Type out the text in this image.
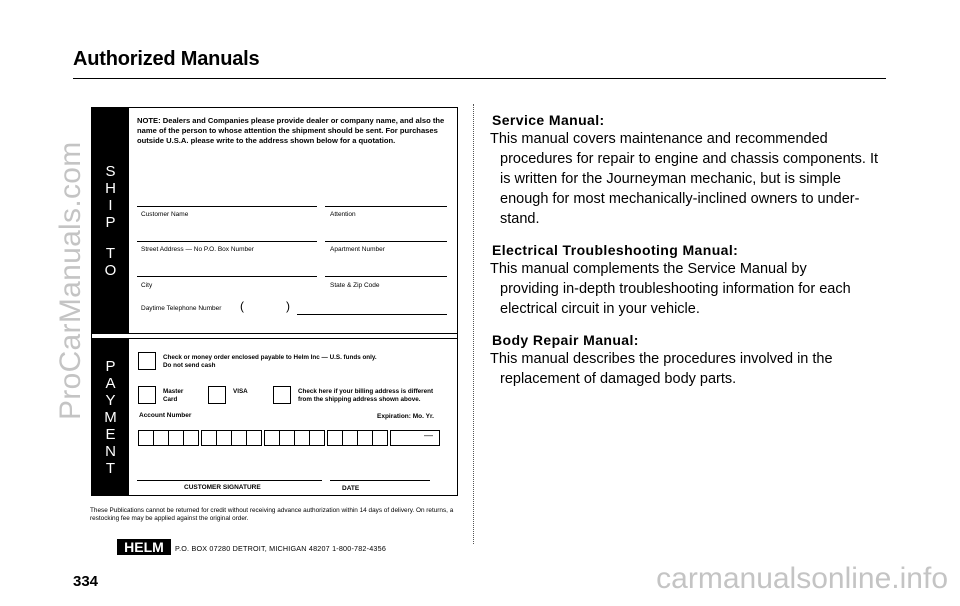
Authorized Manuals
ProCarManuals.com S
H
I
P
T
O
P
A
Y
M
E
N
T
NOTE: Dealers and Companies please provide dealer or company name, and also the name of the person to whose attention the shipment should be sent. For purchases outside U.S.A. please write to the address shown below for a quotation.
Customer Name	Attention
Street Address — No P.O. Box Number	Apartment Number
City	State & Zip Code
Daytime Telephone Number (	)
Check or money order enclosed payable to Helm Inc — U.S. funds only.
Do not send cash
Master
Card
VISA	Check here if your billing address is different
from the shipping address shown above.
Account Number	Expiration: Mo. Yr.
—
CUSTOMER SIGNATURE	DATE
These Publications cannot be returned for credit without receiving advance authorization within 14 days of delivery. On returns, a restocking fee may be applied against the original order.
HELM P.O. BOX 07280 DETROIT, MICHIGAN 48207 1-800-782-4356
334
Service Manual:
This manual covers maintenance and recommended
procedures for repair to engine and chassis components. It is written for the Journeyman mechanic, but is simple enough for most mechanically-inclined owners to under-stand.
Electrical Troubleshooting Manual:
This manual complements the Service Manual by
providing in-depth troubleshooting information for each electrical circuit in your vehicle.
Body Repair Manual:
This manual describes the procedures involved in the
replacement of damaged body parts.
carmanualsonline.info
